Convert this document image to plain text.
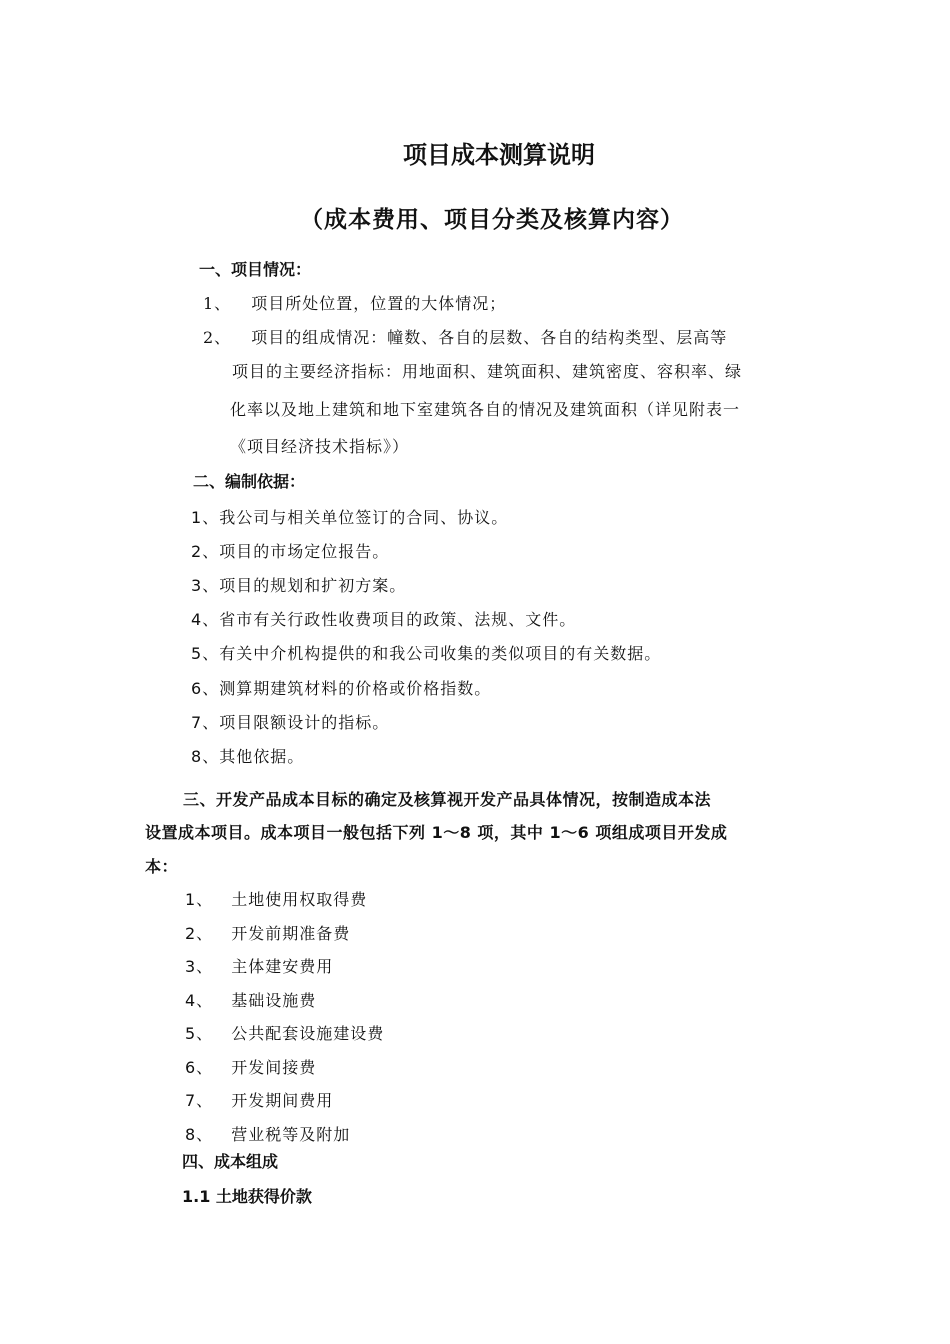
项目成本测算说明
（成本费用、项目分类及核算内容）
一、项目情况：
1、 项目所处位置，位置的大体情况；
2、 项目的组成情况：幢数、各自的层数、各自的结构类型、层高等
项目的主要经济指标：用地面积、建筑面积、建筑密度、容积率、绿
化率以及地上建筑和地下室建筑各自的情况及建筑面积（详见附表一
《项目经济技术指标》）
二、编制依据：
1、我公司与相关单位签订的合同、协议。
2、项目的市场定位报告。
3、项目的规划和扩初方案。
4、省市有关行政性收费项目的政策、法规、文件。
5、有关中介机构提供的和我公司收集的类似项目的有关数据。
6、测算期建筑材料的价格或价格指数。
7、项目限额设计的指标。
8、其他依据。
三、开发产品成本目标的确定及核算视开发产品具体情况，按制造成本法
设置成本项目。成本项目一般包括下列 1～8 项，其中 1～6 项组成项目开发成
本：
1、 土地使用权取得费
2、 开发前期准备费
3、 主体建安费用
4、 基础设施费
5、 公共配套设施建设费
6、 开发间接费
7、 开发期间费用
8、 营业税等及附加
四、成本组成
1.1 土地获得价款
